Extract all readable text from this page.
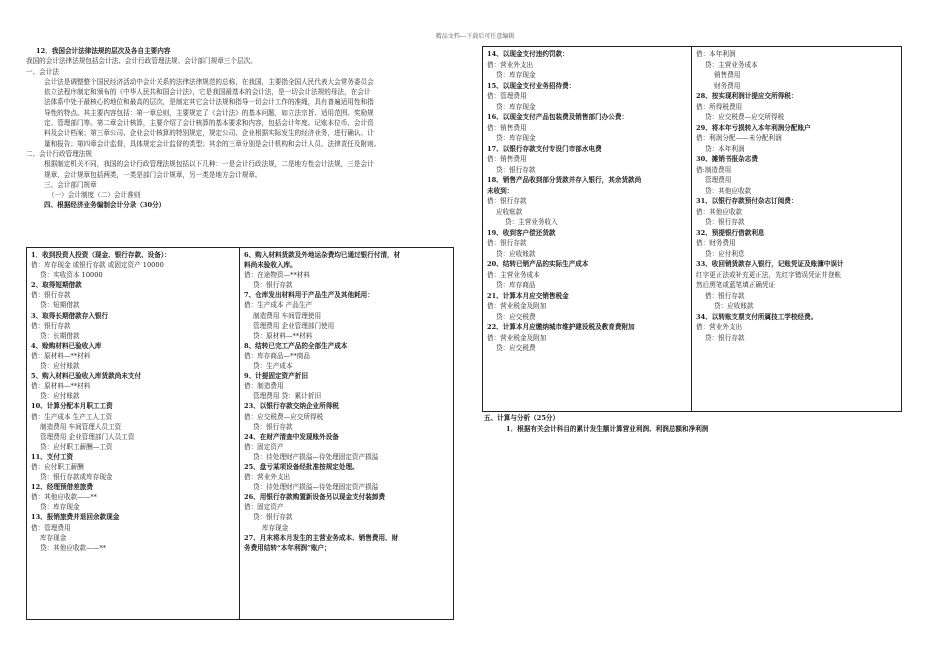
精品文档---下载后可任意编辑
12．我国会计法律法规的层次及各自主要内容
我国的会计法律法规包括会计法、会计行政管理法规、会计部门规章三个层次。
一、会计法
会计法是调整整个国民经济活动中会计关系的法律法律规范的总称，在我国，主要指全国人民代表大会常务委员会
依立法程序制定和颁布的《中华人民共和国会计法》，它是我国最基本的会计法，是一切会计法规的母法，在会计
法体系中处于最核心的地位和最高的层次，是制定其它会计法规和指导一切会计工作的准绳，具有普遍适用性和指
导性的特点。其主要内容包括：第一章总则，主要规定了《会计法》的基本问题，如立法宗旨、适用范围、奖励规
定、管理部门等。第二章会计核算，主要介绍了会计核算的基本要求和内容，包括会计年度、记账本位币、会计资
料及会计档案；第三章公司、企业会计核算的特别规定，规定公司、企业根据实际发生的经济业务，进行确认、计
量和报告；第四章会计监督，具体规定会计监督的类型；其余的三章分别是会计机构和会计人员、法律责任及附则。
二、会计行政管理法规
根据制定机关不同，我国的会计行政管理法规包括以下几种：一是会计行政法规，二是地方性会计法规，三是会计
规章，会计规章包括两类，一类是部门会计规章，另一类是地方会计规章。
三、会计部门规章
（一）会计制度（二）会计准则
四、根据经济业务编制会计分录（30分）
1．收到投资人投资（现金、银行存款、设备）：
借：库存现金 或银行存款 或固定资产 10000
贷：实收资本 10000
2、取得短期借款
借：银行存款
贷：短期借款
3、取得长期借款存入银行
借：银行存款
贷：长期借款
4、赊购材料已验收入库
借：原材料—**材料
贷：应付账款
5、购入材料已验收入库货款尚未支付
借：原材料—**材料
贷：应付账款
10、计算分配本月职工工资
借：生产成本 生产工人工资
制造费用 车间管理人员工资
管理费用 企业管理部门人员工资
贷：应付职工薪酬—工资
11、支付工资
借：应付职工薪酬
贷：银行存款或库存现金
12、经理预借差旅费
借：其他应收款——**
贷：库存现金
13、报销旅费并退回余款现金
借：管理费用
库存现金
贷：其他应收款——**
6、购入材料货款及外地运杂费均已通过银行付清，材
料尚未验收入库。
借：在途物资—**材料
贷：银行存款
7、仓库发出材料用于产品生产及其他耗用：
借：生产成本 产品生产
制造费用 车间管理使用
管理费用 企业管理部门使用
贷：原材料—**材料
8、结转已完工产品的全部生产成本
借：库存商品—**商品
贷：生产成本
9、计提固定资产折旧
借：制造费用
管理费用 贷：累计折旧
23、以银行存款交纳企业所得税
借：应交税费—应交所得税
贷：银行存款
24、在财产清查中发现账外设备
借：固定资产
贷：待处理财产损溢—待处理固定资产损溢
25、盘亏某项设备经批准按规定处理。
借：营业外支出
贷：待处理财产损溢—待处理固定资产损溢
26、用银行存款购置新设备另以现金支付装卸费
借：固定资产
贷：银行存款
库存现金
27、月末将本月发生的主营业务成本、销售费用、财
务费用结转“本年利润”账户；
14、以现金支付违约罚款：
借：营业外支出
贷：库存现金
15、以现金支付业务招待费：
借：管理费用
贷：库存现金
16、以现金支付产品包装费及销售部门办公费：
借：销售费用
贷：库存现金
17、以银行存款支付专设门市部水电费
借：销售费用
贷：银行存款
18、销售产品收到部分货款并存入银行，其余货款尚
未收到：
借：银行存款
应收账款
贷：主营业务收入
19、收到客户偿还货款
借：银行存款
贷：应收账款
20、结转已销产品的实际生产成本
借：主营业务成本
贷：库存商品
21、计算本月应交销售税金
借：营业税金及附加
贷：应交税费
22、计算本月应缴纳城市维护建设税及教育费附加
借：营业税金及附加
贷：应交税费
借：本年利润
贷：主营业务成本
销售费用
财务费用
28、按实现利润计提应交所得税：
借：所得税费用
贷：应交税费—应交所得税
29、将本年亏损转入本年利润分配账户
借：利润分配——未分配利润
贷：本年利润
30、摊销书报杂志费
借:制造费用
管理费用
贷：其他应收款
31、以银行存款预付杂志订阅费：
借：其他应收款
贷：银行存款
32、预提银行借款利息
借：财务费用
贷：应付利息
33、收回销货款存入银行，记账凭证及账簿中误计
红字更正法或补充更正法，先红字错误凭证并登帐
然后黑笔或蓝笔填正确凭证
借：银行存款
贷：应收账款
34、以转账支票支付所属技工学校经费。
借：营业外支出
贷：银行存款
五、计算与分析（25分）
1．根据有关会计科目的累计发生额计算营业利润、利润总额和净利润
